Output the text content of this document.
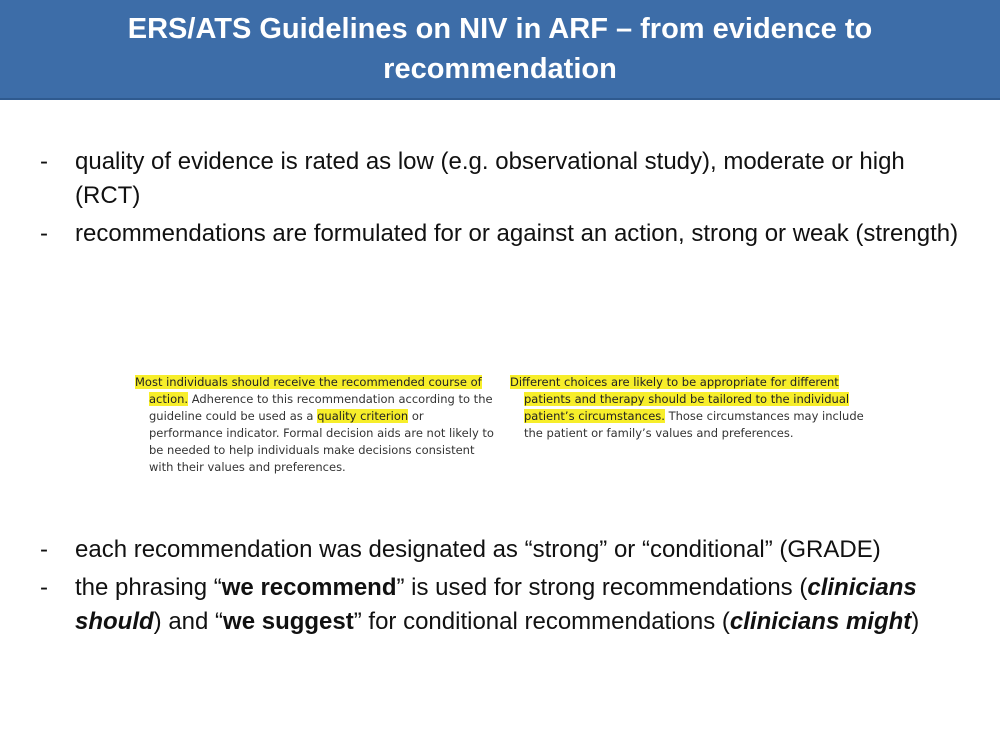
ERS/ATS Guidelines on NIV in ARF – from evidence to recommendation
- quality of evidence is rated as low (e.g. observational study), moderate or high (RCT)
- recommendations are formulated for or against an action, strong or weak (strength)

Most individuals should receive the recommended course of action. Adherence to this recommendation according to the guideline could be used as a quality criterion or performance indicator. Formal decision aids are not likely to be needed to help individuals make decisions consistent with their values and preferences.

Different choices are likely to be appropriate for different patients and therapy should be tailored to the individual patient’s circumstances. Those circumstances may include the patient or family’s values and preferences.

- each recommendation was designated as “strong” or “conditional” (GRADE)
- the phrasing “we recommend” is used for strong recommendations (clinicians should) and “we suggest” for conditional recommendations (clinicians might)
